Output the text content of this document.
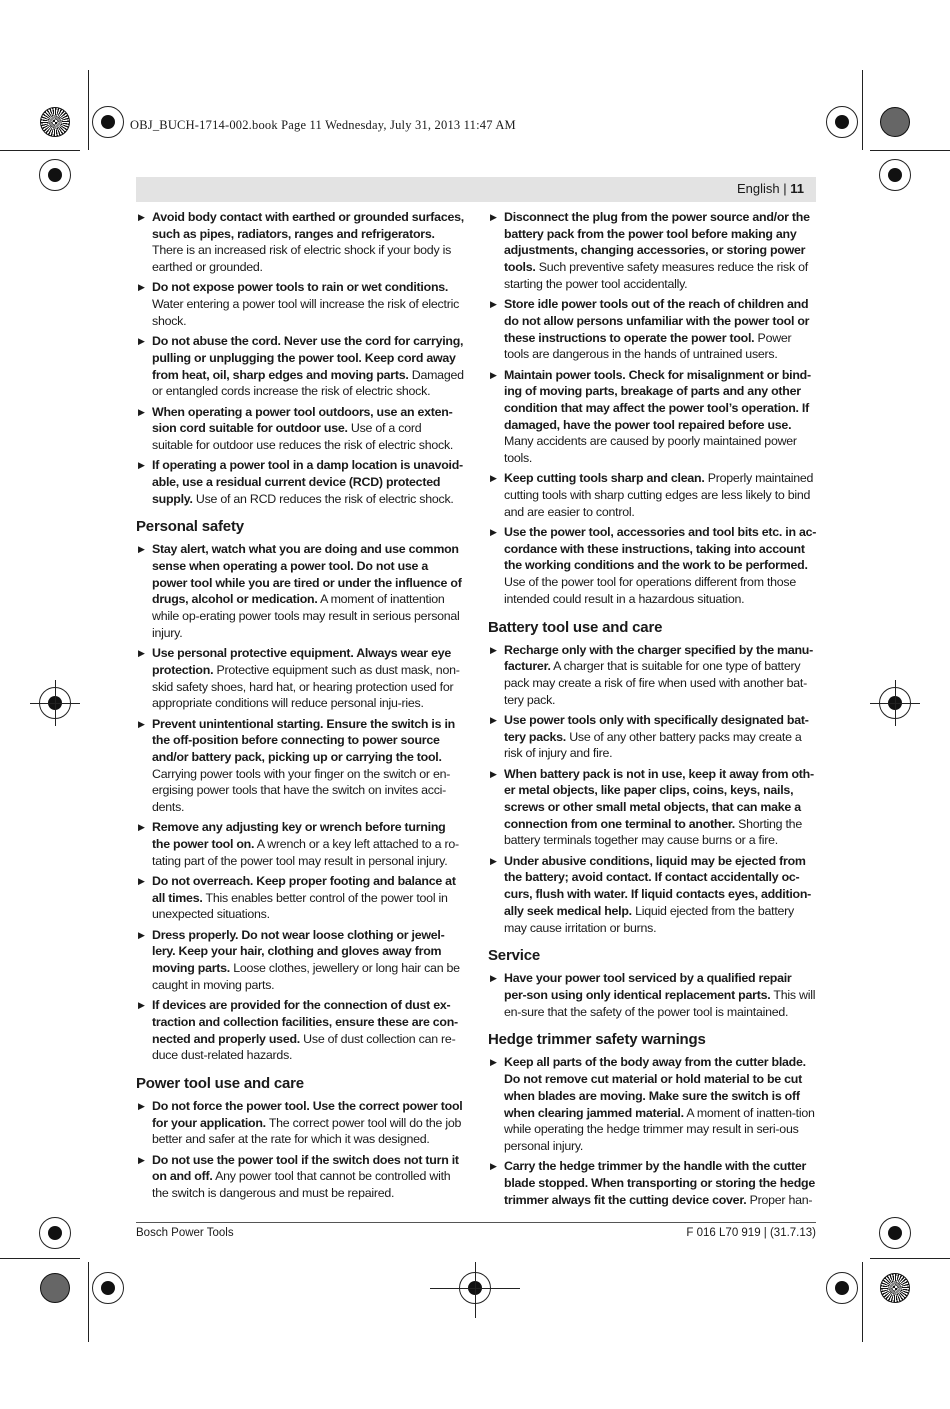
OBJ_BUCH-1714-002.book Page 11 Wednesday, July 31, 2013 11:47 AM
English | 11
▶ Avoid body contact with earthed or grounded surfaces, such as pipes, radiators, ranges and refrigerators. There is an increased risk of electric shock if your body is earthed or grounded.
▶ Do not expose power tools to rain or wet conditions. Water entering a power tool will increase the risk of electric shock.
▶ Do not abuse the cord. Never use the cord for carrying, pulling or unplugging the power tool. Keep cord away from heat, oil, sharp edges and moving parts. Damaged or entangled cords increase the risk of electric shock.
▶ When operating a power tool outdoors, use an exten-sion cord suitable for outdoor use. Use of a cord suitable for outdoor use reduces the risk of electric shock.
▶ If operating a power tool in a damp location is unavoid-able, use a residual current device (RCD) protected supply. Use of an RCD reduces the risk of electric shock.
Personal safety
▶ Stay alert, watch what you are doing and use common sense when operating a power tool. Do not use a power tool while you are tired or under the influence of drugs, alcohol or medication. A moment of inattention while op-erating power tools may result in serious personal injury.
▶ Use personal protective equipment. Always wear eye protection. Protective equipment such as dust mask, non-skid safety shoes, hard hat, or hearing protection used for appropriate conditions will reduce personal inju-ries.
▶ Prevent unintentional starting. Ensure the switch is in the off-position before connecting to power source and/or battery pack, picking up or carrying the tool. Carrying power tools with your finger on the switch or en-ergising power tools that have the switch on invites acci-dents.
▶ Remove any adjusting key or wrench before turning the power tool on. A wrench or a key left attached to a ro-tating part of the power tool may result in personal injury.
▶ Do not overreach. Keep proper footing and balance at all times. This enables better control of the power tool in unexpected situations.
▶ Dress properly. Do not wear loose clothing or jewel-lery. Keep your hair, clothing and gloves away from moving parts. Loose clothes, jewellery or long hair can be caught in moving parts.
▶ If devices are provided for the connection of dust ex-traction and collection facilities, ensure these are con-nected and properly used. Use of dust collection can re-duce dust-related hazards.
Power tool use and care
▶ Do not force the power tool. Use the correct power tool for your application. The correct power tool will do the job better and safer at the rate for which it was designed.
▶ Do not use the power tool if the switch does not turn it on and off. Any power tool that cannot be controlled with the switch is dangerous and must be repaired.
▶ Disconnect the plug from the power source and/or the battery pack from the power tool before making any adjustments, changing accessories, or storing power tools. Such preventive safety measures reduce the risk of starting the power tool accidentally.
▶ Store idle power tools out of the reach of children and do not allow persons unfamiliar with the power tool or these instructions to operate the power tool. Power tools are dangerous in the hands of untrained users.
▶ Maintain power tools. Check for misalignment or bind-ing of moving parts, breakage of parts and any other condition that may affect the power tool’s operation. If damaged, have the power tool repaired before use. Many accidents are caused by poorly maintained power tools.
▶ Keep cutting tools sharp and clean. Properly maintained cutting tools with sharp cutting edges are less likely to bind and are easier to control.
▶ Use the power tool, accessories and tool bits etc. in ac-cordance with these instructions, taking into account the working conditions and the work to be performed. Use of the power tool for operations different from those intended could result in a hazardous situation.
Battery tool use and care
▶ Recharge only with the charger specified by the manu-facturer. A charger that is suitable for one type of battery pack may create a risk of fire when used with another bat-tery pack.
▶ Use power tools only with specifically designated bat-tery packs. Use of any other battery packs may create a risk of injury and fire.
▶ When battery pack is not in use, keep it away from oth-er metal objects, like paper clips, coins, keys, nails, screws or other small metal objects, that can make a connection from one terminal to another. Shorting the battery terminals together may cause burns or a fire.
▶ Under abusive conditions, liquid may be ejected from the battery; avoid contact. If contact accidentally oc-curs, flush with water. If liquid contacts eyes, addition-ally seek medical help. Liquid ejected from the battery may cause irritation or burns.
Service
▶ Have your power tool serviced by a qualified repair per-son using only identical replacement parts. This will en-sure that the safety of the power tool is maintained.
Hedge trimmer safety warnings
▶ Keep all parts of the body away from the cutter blade. Do not remove cut material or hold material to be cut when blades are moving. Make sure the switch is off when clearing jammed material. A moment of inatten-tion while operating the hedge trimmer may result in seri-ous personal injury.
▶ Carry the hedge trimmer by the handle with the cutter blade stopped. When transporting or storing the hedge trimmer always fit the cutting device cover. Proper han-
Bosch Power Tools	F 016 L70 919 | (31.7.13)
